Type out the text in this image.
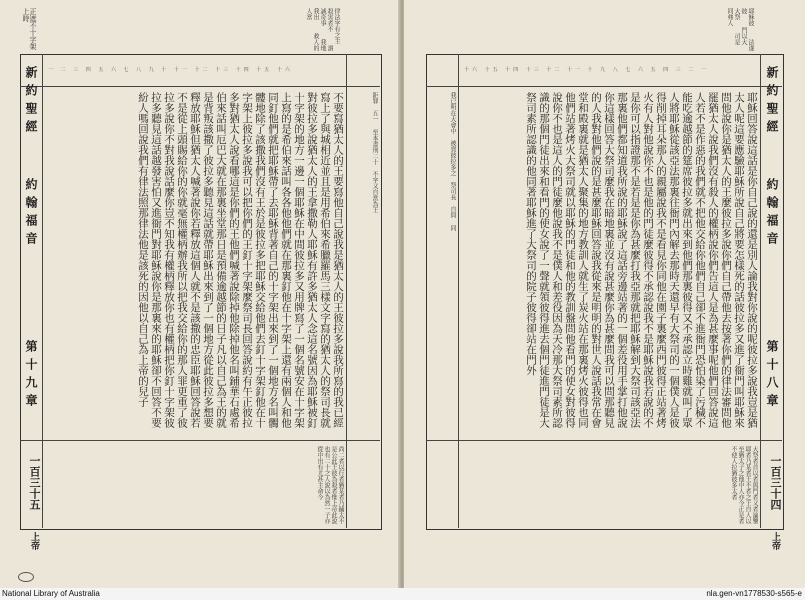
律法字有之主　 殺害者不　 謂誠奇事　 我地我出　 救人的人當
正遮不十字架上時
一 二 三 四 五 六 七 八 九 十 十一 十二 十三 十四 十五 十六
新約聖經
約翰福音
第十九章
一百三十五
上帝
不要寫猶太人的王要寫他自己說我是猶太人的王彼拉多說我所寫的我已經寫上了與城相近並且是用希伯來希臘羅馬三樣文字寫的猶太人的祭司長就對彼拉多說猶太人的王拿撒勒人耶穌有許多猶太人念這名號因為耶穌被釘十字架的地方一邊一個耶穌在中間彼拉多又用牌寫了一個名號安在十字架上寫的是希伯來話叫各各他他們就在那裏釘他在十字架上還有兩個人和他同釘他們就把耶穌帶了去耶穌背著自己的十字架出來到了一個地方名叫髑髏地除了該撒我們沒有王於是彼拉多把耶穌交給他們去釘十字架釘他在十字架上彼拉多說我可以把你們的王釘十字架麼祭司長回答說約有午正彼拉多對猶太人說看哪這是你們的王他們喊著說除掉他除掉他名叫鋪華石處希伯來話叫厄巴大就在那裏坐堂那日是預備逾越節的日子凡以自己為王的就是背叛該撒了彼拉多聽見這話就帶耶穌出來到了一個地方從此彼拉多想要釋放耶穌但猶太人喊著說你若釋放這個人就不是該撒的忠臣耶穌回答說若不是從上頭賜給你的你就毫無權柄辦我所以把我交給你的那人罪更重了彼拉多說你不對我說話麼你豈不知我有權柄釋放你也有權柄把你釘十字架彼拉多聽見這話越發害怕又進衙門對耶穌說你是那裏來的耶穌卻不回答不要紛人嗎回說我們有律法照那律法他是該死的因他以自己為上帝的兒子	鉅罪　五一 至本書刑二十　不字又自當為王
尚二者以行者猶某者乃鋪太不是公此王彼為殺者惟上帝此說也有二十之人說以為然一子亦從中出有尤甚主命令
耶穌彼　 法遂彼　 門以大　 大祭　 司是　 同弗人
十六 十五 十四 十三 十二 十一 十 九 八 七 六 五 四 三 二 一
我已明在大會中　被賣彼拉多之　祭司長　自問 同	耶穌回答說這話是你自己說的還是別人論我對你說的呢彼拉多說我豈是猶太人呢這要應驗耶穌所說自己將要怎樣死的話彼拉多又進了衙門叫耶穌來問他說你是猶太人的王麼彼拉多說你們自己帶他去按著你們的律法審問他罷猶太人說我們沒有殺人的權柄說你們告這人是為甚麼事呢他們回答說這人若不是作惡的我們就不把他交給你他們自己卻不進衙門恐怕染了污穢不能吃逾越節的筵席彼拉多就出來到他們那裏彼得又不承認立時雞就叫了眾人將耶穌從該亞法那裏往衙門內解去那時天還早有大祭司的一個僕人是彼得削掉耳朵那人的親屬說我不是看見你同他在園子裏麼西門彼得正站著烤火有人對他說你不也是他的門徒麼彼得不承認說我不是耶穌說我若說的不是你可以指證那不是若是是你為甚麼打我亞那就把耶穌解到大祭司該亞法那裏他們都知道我所說的耶穌說了這話旁邊站著的一個差役用手掌打他說你這樣回答大祭司麼我在暗地裏並沒有說甚麼你為甚麼問我可以問那聽見的人我對他們說的是甚麼耶穌回答說我從來是明明的對世人說話我常在會堂和殿裏就是猶太人聚集的地方教訓人就生了炭火站在那裏烤火彼得也同他們站著烤火大祭司就以耶穌的門徒和他的教訓盤問他看門的使女對彼得說你不也是這人的門徒麼他說我不是僕人和差役因為天冷那大祭司素所認識的那個門徒出來和看門的使女說了一聲就領彼得進去個門徒進門徒是大祭司素所認識的他同著耶穌進了大祭司的院子彼得卻站在門外	新約聖經
約翰福音
第十八章
一百三十四
上帝
大祭者首以者與門者又者論鑒耶者乃某者王不者之王自人以至猶太子之他中人亦令正是者不使人拉猶彼多太者
National Library of Australia	nla.gen-vn1778530-s565-e
